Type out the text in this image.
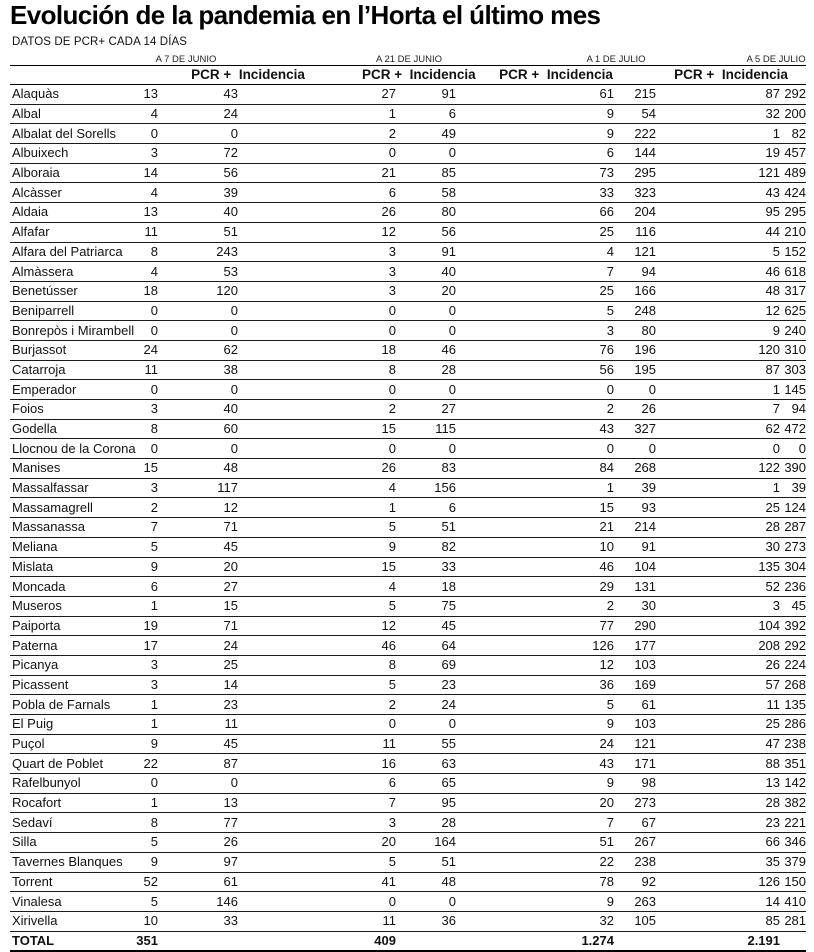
Evolución de la pandemia en l’Horta el último mes
DATOS DE PCR+ CADA 14 DÍAS
	A 7 DE JUNIO			A 21 DE JUNIO			A 1 DE JULIO			A 5 DE JULIO	
	PCR + Incidencia			PCR + Incidencia		PCR + Incidencia			PCR + Incidencia		
Alaquàs	13	43		27	91		61	215		87	292
Albal	4	24		1	6		9	54		32	200
Albalat del Sorells	0	0		2	49		9	222		1	82
Albuixech	3	72		0	0		6	144		19	457
Alboraia	14	56		21	85		73	295		121	489
Alcàsser	4	39		6	58		33	323		43	424
Aldaia	13	40		26	80		66	204		95	295
Alfafar	11	51		12	56		25	116		44	210
Alfara del Patriarca	8	243		3	91		4	121		5	152
Almàssera	4	53		3	40		7	94		46	618
Benetússer	18	120		3	20		25	166		48	317
Beniparrell	0	0		0	0		5	248		12	625
Bonrepòs i Mirambell	0	0		0	0		3	80		9	240
Burjassot	24	62		18	46		76	196		120	310
Catarroja	11	38		8	28		56	195		87	303
Emperador	0	0		0	0		0	0		1	145
Foios	3	40		2	27		2	26		7	94
Godella	8	60		15	115		43	327		62	472
Llocnou de la Corona	0	0		0	0		0	0		0	0
Manises	15	48		26	83		84	268		122	390
Massalfassar	3	117		4	156		1	39		1	39
Massamagrell	2	12		1	6		15	93		25	124
Massanassa	7	71		5	51		21	214		28	287
Meliana	5	45		9	82		10	91		30	273
Mislata	9	20		15	33		46	104		135	304
Moncada	6	27		4	18		29	131		52	236
Museros	1	15		5	75		2	30		3	45
Paiporta	19	71		12	45		77	290		104	392
Paterna	17	24		46	64		126	177		208	292
Picanya	3	25		8	69		12	103		26	224
Picassent	3	14		5	23		36	169		57	268
Pobla de Farnals	1	23		2	24		5	61		11	135
El Puig	1	11		0	0		9	103		25	286
Puçol	9	45		11	55		24	121		47	238
Quart de Poblet	22	87		16	63		43	171		88	351
Rafelbunyol	0	0		6	65		9	98		13	142
Rocafort	1	13		7	95		20	273		28	382
Sedaví	8	77		3	28		7	67		23	221
Silla	5	26		20	164		51	267		66	346
Tavernes Blanques	9	97		5	51		22	238		35	379
Torrent	52	61		41	48		78	92		126	150
Vinalesa	5	146		0	0		9	263		14	410
Xirivella	10	33		11	36		32	105		85	281
TOTAL	351			409			1.274			2.191	
